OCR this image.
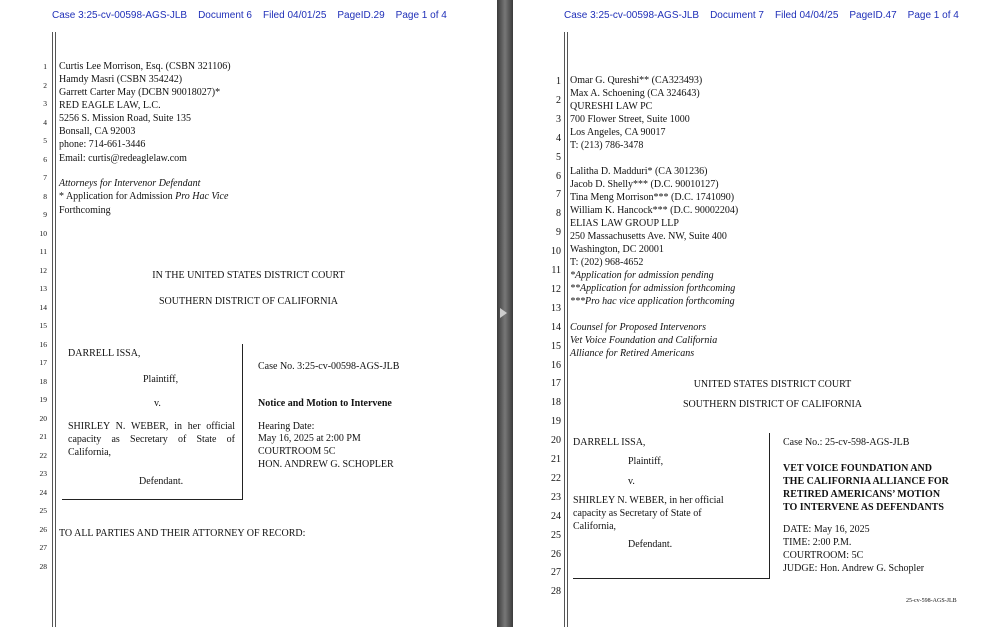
Case 3:25-cv-00598-AGS-JLB Document 6 Filed 04/01/25 PageID.29 Page 1 of 4
1
2
3
4
5
6
7
8
9
10
11
12
13
14
15
16
17
18
19
20
21
22
23
24
25
26
27
28
Curtis Lee Morrison, Esq. (CSBN 321106)
Hamdy Masri (CSBN 354242)
Garrett Carter May (DCBN 90018027)*
RED EAGLE LAW, L.C.
5256 S. Mission Road, Suite 135
Bonsall, CA 92003
phone: 714-661-3446
Email: curtis@redeaglelaw.com
Attorneys for Intervenor Defendant
* Application for Admission Pro Hac Vice
Forthcoming
IN THE UNITED STATES DISTRICT COURT
SOUTHERN DISTRICT OF CALIFORNIA
DARRELL ISSA,
Plaintiff,
v.
SHIRLEY N. WEBER, in her official capacity as Secretary of State of California,
Defendant.
Case No. 3:25-cv-00598-AGS-JLB
Notice and Motion to Intervene
Hearing Date:
May 16, 2025 at 2:00 PM
COURTROOM 5C
HON. ANDREW G. SCHOPLER
TO ALL PARTIES AND THEIR ATTORNEY OF RECORD:
Case 3:25-cv-00598-AGS-JLB Document 7 Filed 04/04/25 PageID.47 Page 1 of 4
1
2
3
4
5
6
7
8
9
10
11
12
13
14
15
16
17
18
19
20
21
22
23
24
25
26
27
28
Omar G. Qureshi** (CA323493)
Max A. Schoening (CA 324643)
QURESHI LAW PC
700 Flower Street, Suite 1000
Los Angeles, CA 90017
T: (213) 786-3478
Lalitha D. Madduri* (CA 301236)
Jacob D. Shelly*** (D.C. 90010127)
Tina Meng Morrison*** (D.C. 1741090)
William K. Hancock*** (D.C. 90002204)
ELIAS LAW GROUP LLP
250 Massachusetts Ave. NW, Suite 400
Washington, DC 20001
T: (202) 968-4652
*Application for admission pending
**Application for admission forthcoming
***Pro hac vice application forthcoming
Counsel for Proposed Intervenors
Vet Voice Foundation and California
Alliance for Retired Americans
UNITED STATES DISTRICT COURT
SOUTHERN DISTRICT OF CALIFORNIA
DARRELL ISSA,
Plaintiff,
v.
SHIRLEY N. WEBER, in her official
capacity as Secretary of State of
California,
Defendant.
Case No.: 25-cv-598-AGS-JLB
VET VOICE FOUNDATION AND
THE CALIFORNIA ALLIANCE FOR
RETIRED AMERICANS’ MOTION
TO INTERVENE AS DEFENDANTS
DATE: May 16, 2025
TIME: 2:00 P.M.
COURTROOM: 5C
JUDGE: Hon. Andrew G. Schopler
25-cv-598-AGS-JLB
